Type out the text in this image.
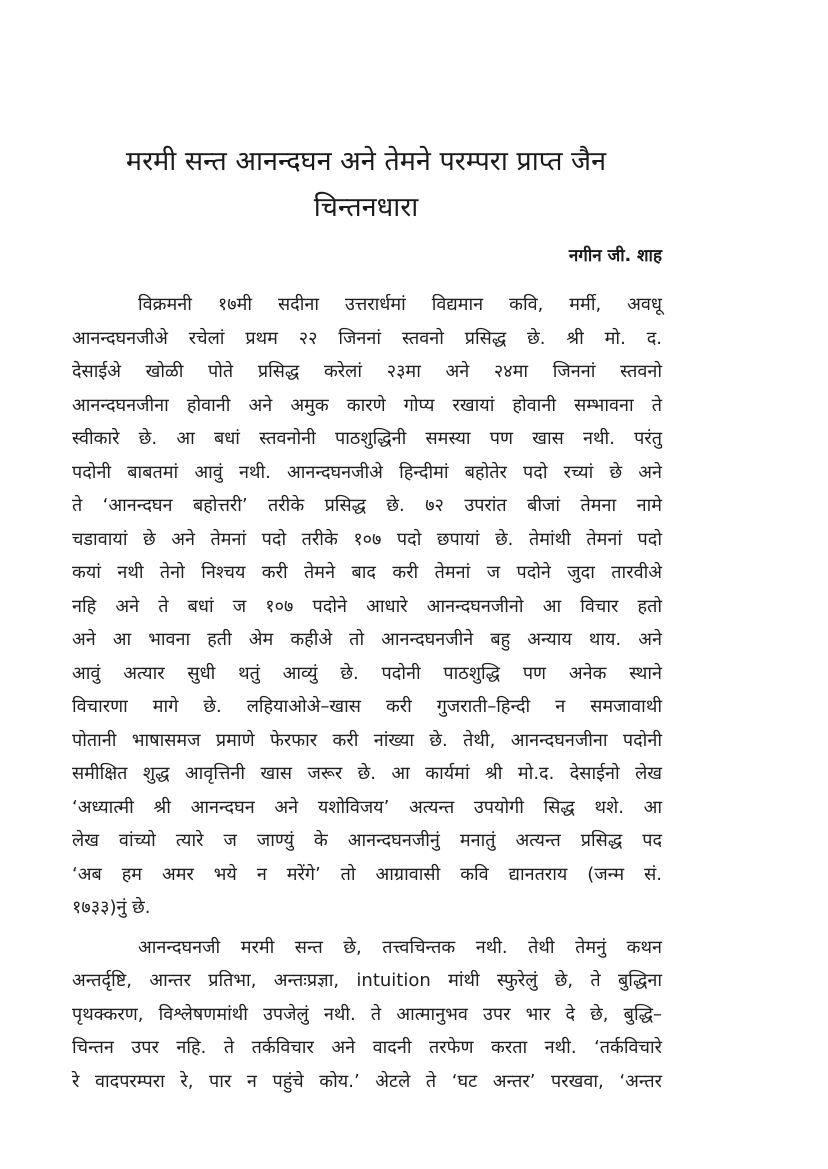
मरमी सन्त आनन्दघन अने तेमने परम्परा प्राप्त जैन
चिन्तनधारा
नगीन जी. शाह
विक्रमनी १७मी सदीना उत्तरार्धमां विद्यमान कवि, मर्मी, अवधू
आनन्दघनजीअे रचेलां प्रथम २२ जिननां स्तवनो प्रसिद्ध छे. श्री मो. द.
देसाईअे खोळी पोते प्रसिद्ध करेलां २३मा अने २४मा जिननां स्तवनो
आनन्दघनजीना होवानी अने अमुक कारणे गोप्य रखायां होवानी सम्भावना ते
स्वीकारे छे. आ बधां स्तवनोनी पाठशुद्धिनी समस्या पण खास नथी. परंतु
पदोनी बाबतमां आवुं नथी. आनन्दघनजीअे हिन्दीमां बहोतेर पदो रच्यां छे अने
ते ‘आनन्दघन बहोत्तरी’ तरीके प्रसिद्ध छे. ७२ उपरांत बीजां तेमना नामे
चडावायां छे अने तेमनां पदो तरीके १०७ पदो छपायां छे. तेमांथी तेमनां पदो
कयां नथी तेनो निश्चय करी तेमने बाद करी तेमनां ज पदोने जुदा तारवीअे
नहि अने ते बधां ज १०७ पदोने आधारे आनन्दघनजीनो आ विचार हतो
अने आ भावना हती अेम कहीअे तो आनन्दघनजीने बहु अन्याय थाय. अने
आवुं अत्यार सुधी थतुं आव्युं छे. पदोनी पाठशुद्धि पण अनेक स्थाने
विचारणा मागे छे. लहियाओअे–खास करी गुजराती–हिन्दी न समजावाथी
पोतानी भाषासमज प्रमाणे फेरफार करी नांख्या छे. तेथी, आनन्दघनजीना पदोनी
समीक्षित शुद्ध आवृत्तिनी खास जरूर छे. आ कार्यमां श्री मो.द. देसाईनो लेख
‘अध्यात्मी श्री आनन्दघन अने यशोविजय’ अत्यन्त उपयोगी सिद्ध थशे. आ
लेख वांच्यो त्यारे ज जाण्युं के आनन्दघनजीनुं मनातुं अत्यन्त प्रसिद्ध पद
‘अब हम अमर भये न मरेंगे’ तो आग्रावासी कवि द्यानतराय (जन्म सं.
१७३३)नुं छे.
आनन्दघनजी मरमी सन्त छे, तत्त्वचिन्तक नथी. तेथी तेमनुं कथन
अन्तर्दृष्टि, आन्तर प्रतिभा, अन्तःप्रज्ञा, intuition मांथी स्फुरेलुं छे, ते बुद्धिना
पृथक्करण, विश्लेषणमांथी उपजेलुं नथी. ते आत्मानुभव उपर भार दे छे, बुद्धि–
चिन्तन उपर नहि. ते तर्कविचार अने वादनी तरफेण करता नथी. ‘तर्कविचारे
रे वादपरम्परा रे, पार न पहुंचे कोय.’ अेटले ते ‘घट अन्तर’ परखवा, ‘अन्तर
